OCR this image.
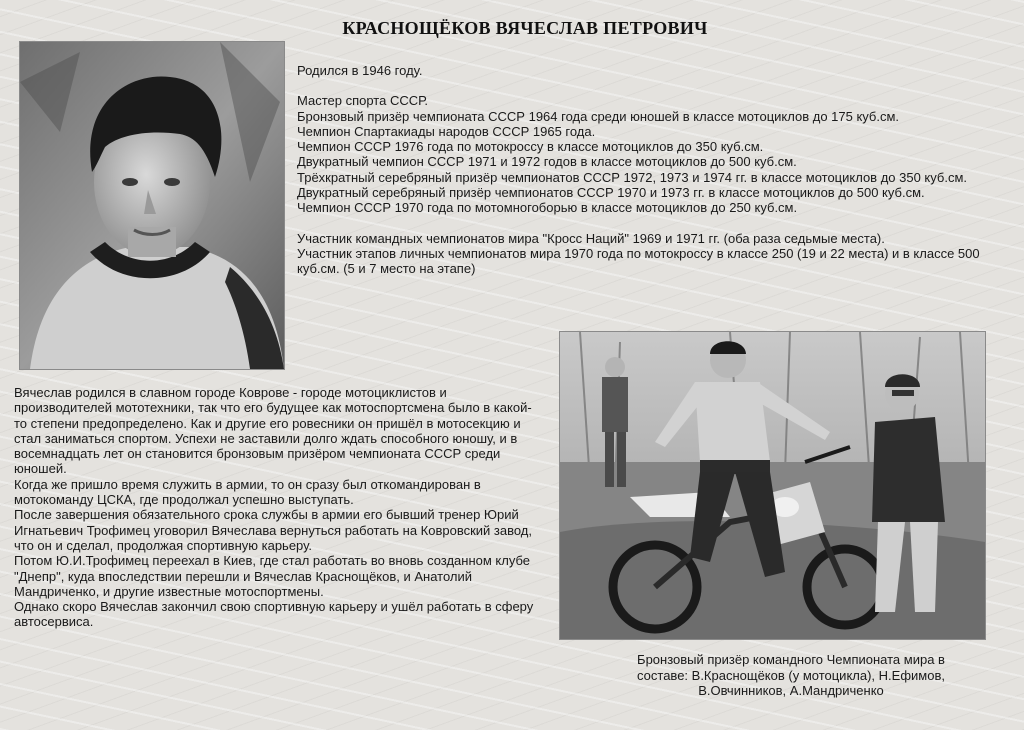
КРАСНОЩЁКОВ ВЯЧЕСЛАВ ПЕТРОВИЧ

Родился в 1946 году.

Мастер спорта СССР.

Бронзовый призёр чемпионата СССР 1964 года среди юношей в классе мотоциклов до 175 куб.см.

Чемпион Спартакиады народов СССР 1965 года.

Чемпион СССР 1976 года по мотокроссу в классе мотоциклов до 350 куб.см.

Двукратный чемпион СССР 1971 и 1972 годов в классе мотоциклов до 500 куб.см.

Трёхкратный серебряный призёр чемпионатов СССР 1972, 1973 и 1974 гг. в классе мотоциклов до 350 куб.см.

Двукратный серебряный призёр чемпионатов СССР 1970 и 1973 гг. в классе мотоциклов до 500 куб.см.

Чемпион СССР 1970 года по мотомногоборью в классе мотоциклов до 250 куб.см.

Участник командных чемпионатов мира "Кросс Наций" 1969 и 1971 гг. (оба раза седьмые места).

Участник этапов личных чемпионатов мира 1970 года по мотокроссу в классе 250 (19 и 22 места) и в классе 500 куб.см. (5 и 7 место на этапе)

Вячеслав родился в славном городе Коврове - городе мотоциклистов и производителей мототехники, так что его будущее как мотоспортсмена было в какой-то степени предопределено. Как и другие его ровесники он пришёл в мотосекцию и стал заниматься спортом. Успехи не заставили долго ждать способного юношу, и в восемнадцать лет он становится бронзовым призёром чемпионата СССР среди юношей.

Когда же пришло время служить в армии, то он сразу был откомандирован в мотокоманду ЦСКА, где продолжал успешно выступать.

После завершения обязательного срока службы в армии его бывший тренер Юрий Игнатьевич Трофимец уговорил Вячеслава вернуться работать на Ковровский завод, что он и сделал, продолжая спортивную карьеру.

Потом Ю.И.Трофимец переехал в Киев, где стал работать во вновь созданном клубе "Днепр", куда впоследствии перешли и Вячеслав Краснощёков, и Анатолий Мандриченко, и другие известные мотоспортмены.

Однако скоро Вячеслав закончил свою спортивную карьеру и ушёл работать в сферу автосервиса.

Бронзовый призёр командного Чемпионата мира в

составе: В.Краснощёков (у мотоцикла), Н.Ефимов,

В.Овчинников, А.Мандриченко
